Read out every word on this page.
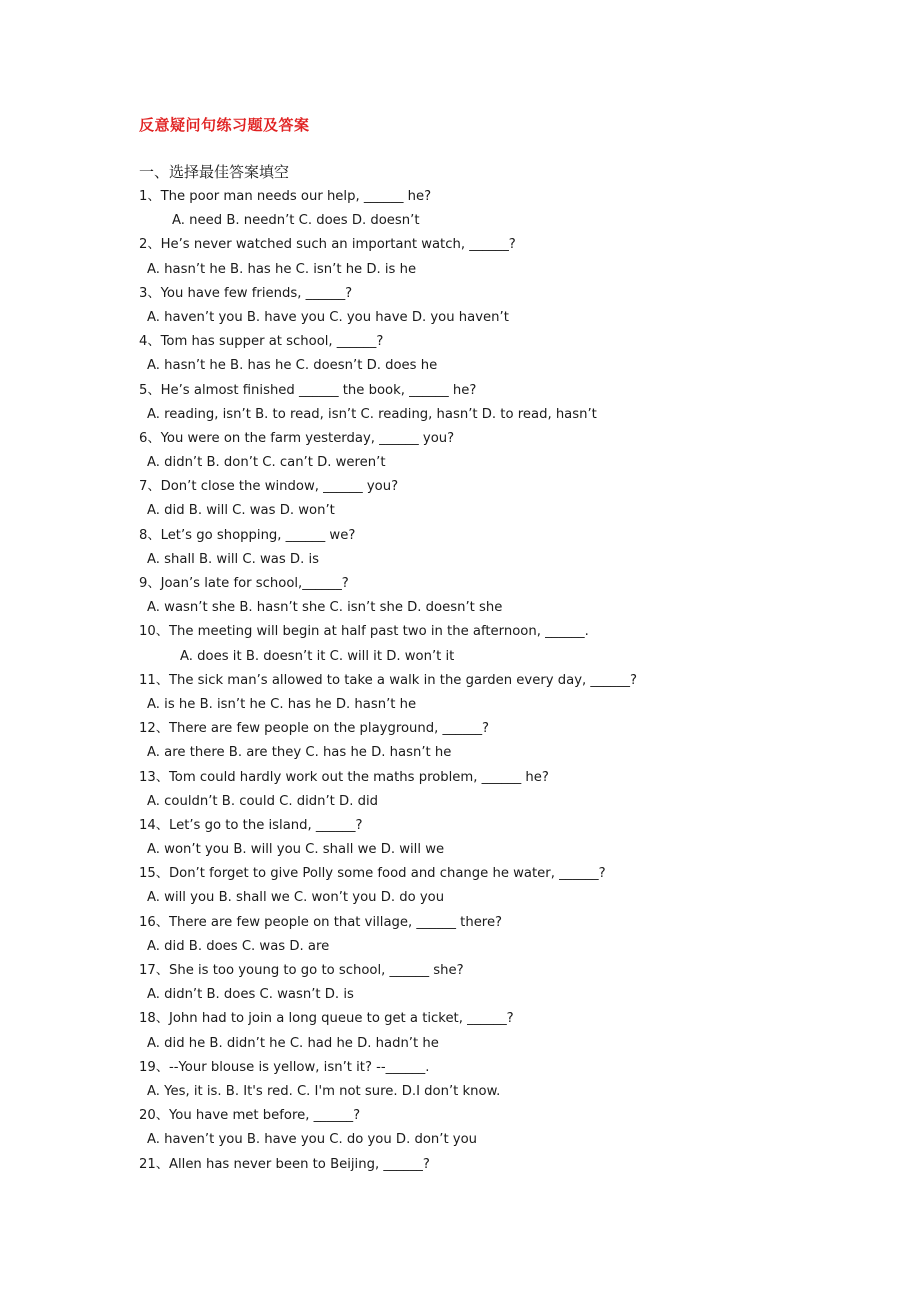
反意疑问句练习题及答案
一、选择最佳答案填空
1、The poor man needs our help, ______ he?
A. need B. needn’t C. does D. doesn’t
2、He’s never watched such an important watch, ______?
A. hasn’t he B. has he C. isn’t he D. is he
3、You have few friends, ______?
A. haven’t you B. have you C. you have D. you haven’t
4、Tom has supper at school, ______?
A. hasn’t he B. has he C. doesn’t D. does he
5、He’s almost finished ______ the book, ______ he?
A. reading, isn’t B. to read, isn’t C. reading, hasn’t D. to read, hasn’t
6、You were on the farm yesterday, ______ you?
A. didn’t B. don’t C. can’t D. weren’t
7、Don’t close the window, ______ you?
A. did B. will C. was D. won’t
8、Let’s go shopping, ______ we?
A. shall B. will C. was D. is
9、Joan’s late for school,______?
A. wasn’t she B. hasn’t she C. isn’t she D. doesn’t she
10、The meeting will begin at half past two in the afternoon, ______.
A. does it B. doesn’t it C. will it D. won’t it
11、The sick man’s allowed to take a walk in the garden every day, ______?
A. is he B. isn’t he C. has he D. hasn’t he
12、There are few people on the playground, ______?
A. are there B. are they C. has he D. hasn’t he
13、Tom could hardly work out the maths problem, ______ he?
A. couldn’t B. could C. didn’t D. did
14、Let’s go to the island, ______?
A. won’t you B. will you C. shall we D. will we
15、Don’t forget to give Polly some food and change he water, ______?
A. will you B. shall we C. won’t you D. do you
16、There are few people on that village, ______ there?
A. did B. does C. was D. are
17、She is too young to go to school, ______ she?
A. didn’t B. does C. wasn’t D. is
18、John had to join a long queue to get a ticket, ______?
A. did he B. didn’t he C. had he D. hadn’t he
19、--Your blouse is yellow, isn’t it? --______.
A. Yes, it is. B. It's red. C. I'm not sure. D.I don’t know.
20、You have met before, ______?
A. haven’t you B. have you C. do you D. don’t you
21、Allen has never been to Beijing, ______?
